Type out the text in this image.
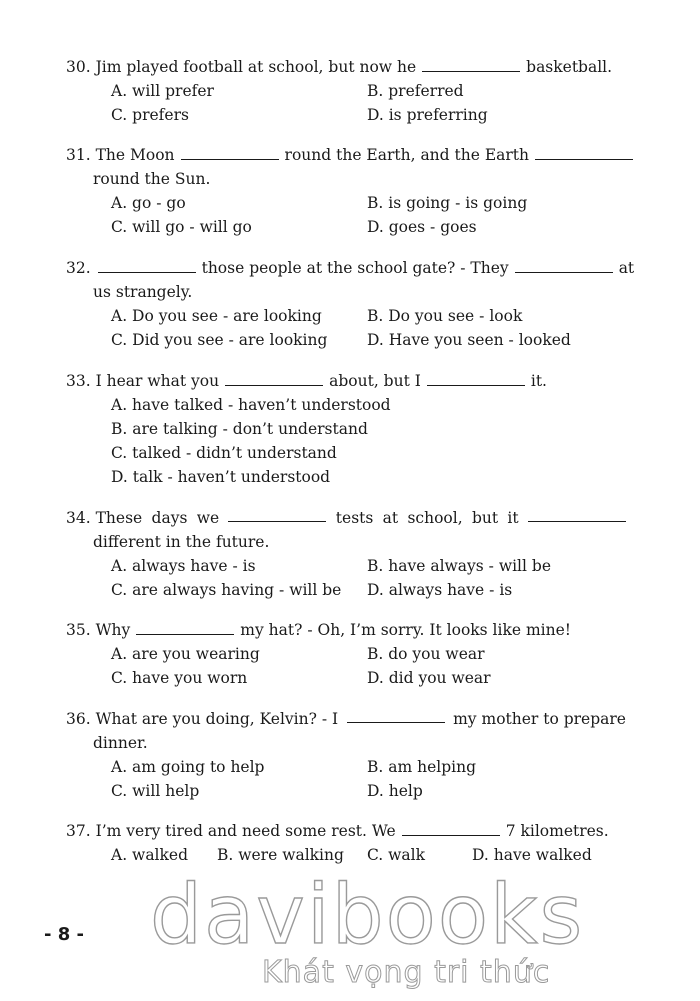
30. Jim played football at school, but now he	basketball.
A. will prefer	B. preferred
C. prefers	D. is preferring
31. The Moon	round the Earth, and the Earth
round the Sun.
A. go - go	B. is going - is going
C. will go - will go	D. goes - goes
32.	those people at the school gate? - They	at
us strangely.
A. Do you see - are looking	B. Do you see - look
C. Did you see - are looking	D. Have you seen - looked
33. I hear what you	about, but I	it.
A. have talked - haven’t understood
B. are talking - don’t understand
C. talked - didn’t understand
D. talk - haven’t understood
34. These days we	tests at school, but it
different in the future.
A. always have - is	B. have always - will be
C. are always having - will be D. always have - is
35. Why	my hat? - Oh, I’m sorry. It looks like mine!
A. are you wearing	B. do you wear
C. have you worn	D. did you wear
36. What are you doing, Kelvin? - I	my mother to prepare
dinner.
A. am going to help	B. am helping
C. will help	D. help
37. I’m very tired and need some rest. We	7 kilometres.
A. walked B. were walking C. walk	D. have walked
- 8 - davibooks
Khát vọng tri thức
